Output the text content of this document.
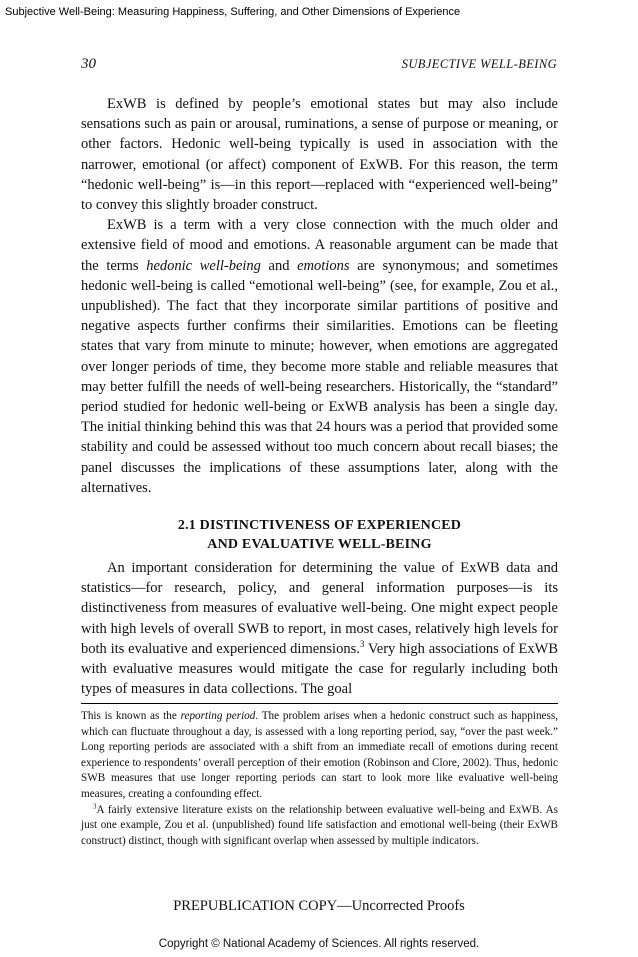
Subjective Well-Being: Measuring Happiness, Suffering, and Other Dimensions of Experience
30	SUBJECTIVE WELL-BEING

ExWB is defined by people’s emotional states but may also include sensations such as pain or arousal, ruminations, a sense of purpose or meaning, or other factors. Hedonic well-being typically is used in association with the narrower, emotional (or affect) component of ExWB. For this reason, the term “hedonic well-being” is—in this report—replaced with “experienced well-being” to convey this slightly broader construct.

ExWB is a term with a very close connection with the much older and extensive field of mood and emotions. A reasonable argument can be made that the terms hedonic well-being and emotions are synonymous; and sometimes hedonic well-being is called “emotional well-being” (see, for example, Zou et al., unpublished). The fact that they incorporate similar partitions of positive and negative aspects further confirms their similarities. Emotions can be fleeting states that vary from minute to minute; however, when emotions are aggregated over longer periods of time, they become more stable and reliable measures that may better fulfill the needs of well-being researchers. Historically, the “standard” period studied for hedonic well-being or ExWB analysis has been a single day. The initial thinking behind this was that 24 hours was a period that provided some stability and could be assessed without too much concern about recall biases; the panel discusses the implications of these assumptions later, along with the alternatives.

2.1 DISTINCTIVENESS OF EXPERIENCED
AND EVALUATIVE WELL-BEING

An important consideration for determining the value of ExWB data and statistics—for research, policy, and general information purposes—is its distinctiveness from measures of evaluative well-being. One might expect people with high levels of overall SWB to report, in most cases, relatively high levels for both its evaluative and experienced dimensions.$^3$ Very high associations of ExWB with evaluative measures would mitigate the case for regularly including both types of measures in data collections. The goal

This is known as the reporting period. The problem arises when a hedonic construct such as happiness, which can fluctuate throughout a day, is assessed with a long reporting period, say, “over the past week.” Long reporting periods are associated with a shift from an immediate recall of emotions during recent experience to respondents’ overall perception of their emotion (Robinson and Clore, 2002). Thus, hedonic SWB measures that use longer reporting periods can start to look more like evaluative well-being measures, creating a confounding effect.

$^3$A fairly extensive literature exists on the relationship between evaluative well-being and ExWB. As just one example, Zou et al. (unpublished) found life satisfaction and emotional well-being (their ExWB construct) distinct, though with significant overlap when assessed by multiple indicators.

PREPUBLICATION COPY—Uncorrected Proofs
Copyright © National Academy of Sciences. All rights reserved.
